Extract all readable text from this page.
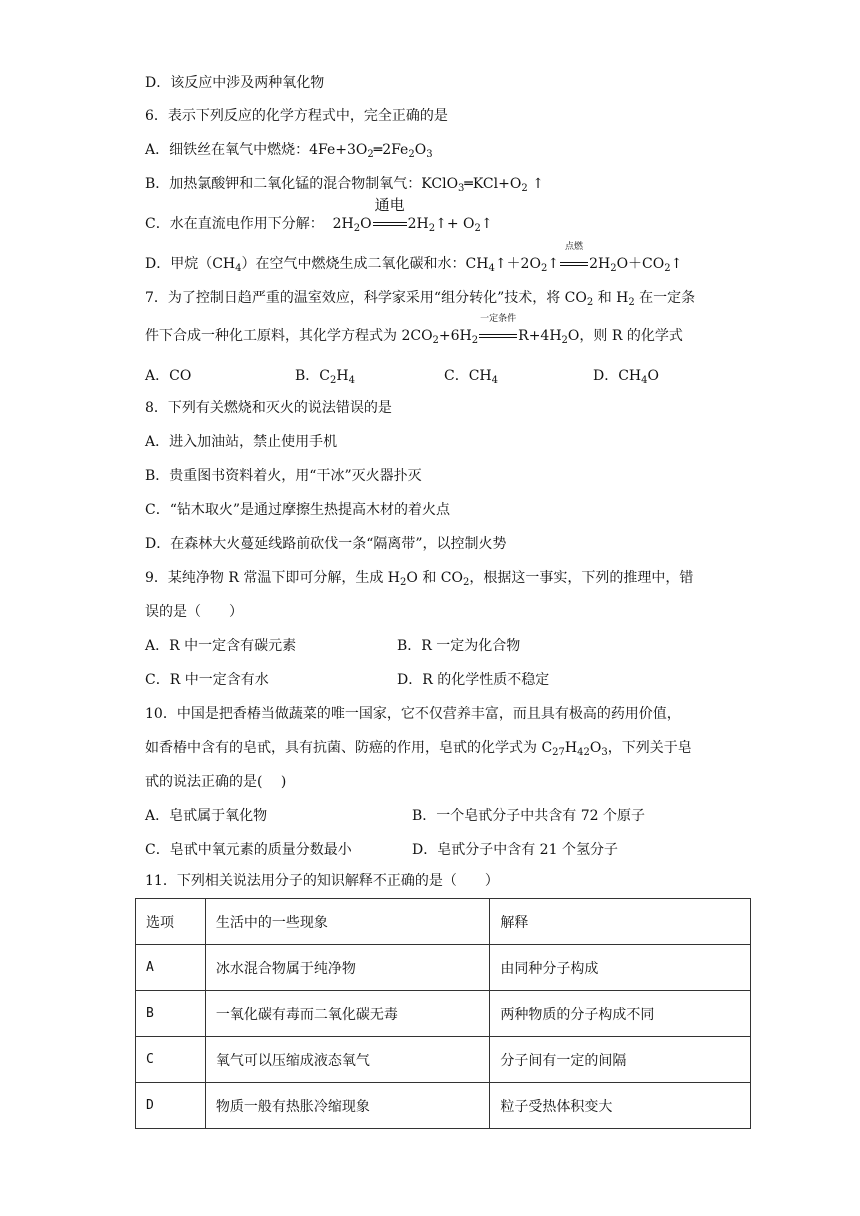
D．该反应中涉及两种氧化物
6．表示下列反应的化学方程式中，完全正确的是
A．细铁丝在氧气中燃烧：$4Fe+3O_2═2Fe_2O_3$
B．加热氯酸钾和二氧化锰的混合物制氧气：$KClO_3═KCl+O_2$ ↑
C．水在直流电作用下分解： $2H_2O$
通电
$2H_2↑+$ $O_2↑$
D．甲烷$(CH_4)$在空气中燃烧生成二氧化碳和水：$CH_4↑+2O_2↑$
点燃
$2H_2O+CO_2↑$
7．为了控制日趋严重的温室效应，科学家采用“组分转化”技术，将 $CO_2$ 和 $H_2$ 在一定条
件下合成一种化工原料，其化学方程式为 $2CO_2+6H_2$
一定条件
$R+4H_2O$，则 R 的化学式
A．CO	B．$C_2H_4$	C．$CH_4$	D．$CH_4O$
8．下列有关燃烧和灭火的说法错误的是
A．进入加油站，禁止使用手机
B．贵重图书资料着火，用“干冰”灭火器扑灭
C．“钻木取火”是通过摩擦生热提高木材的着火点
D．在森林大火蔓延线路前砍伐一条“隔离带”，以控制火势
9．某纯净物 R 常温下即可分解，生成 $H_2O$ 和 $CO_2$，根据这一事实，下列的推理中，错
误的是（　　）
A．R 中一定含有碳元素	B．R 一定为化合物
C．R 中一定含有水	D．R 的化学性质不稳定
10．中国是把香椿当做蔬菜的唯一国家，它不仅营养丰富，而且具有极高的药用价值，
如香椿中含有的皂甙，具有抗菌、防癌的作用，皂甙的化学式为 $C_{27}H_{42}O_3$，下列关于皂
甙的说法正确的是(　 )
A．皂甙属于氧化物	B．一个皂甙分子中共含有 72 个原子
C．皂甙中氧元素的质量分数最小	D．皂甙分子中含有 21 个氢分子
11．下列相关说法用分子的知识解释不正确的是（　　）
选项	生活中的一些现象	解释
A	冰水混合物属于纯净物	由同种分子构成
B	一氧化碳有毒而二氧化碳无毒	两种物质的分子构成不同
C	氧气可以压缩成液态氧气	分子间有一定的间隔
D	物质一般有热胀冷缩现象	粒子受热体积变大
